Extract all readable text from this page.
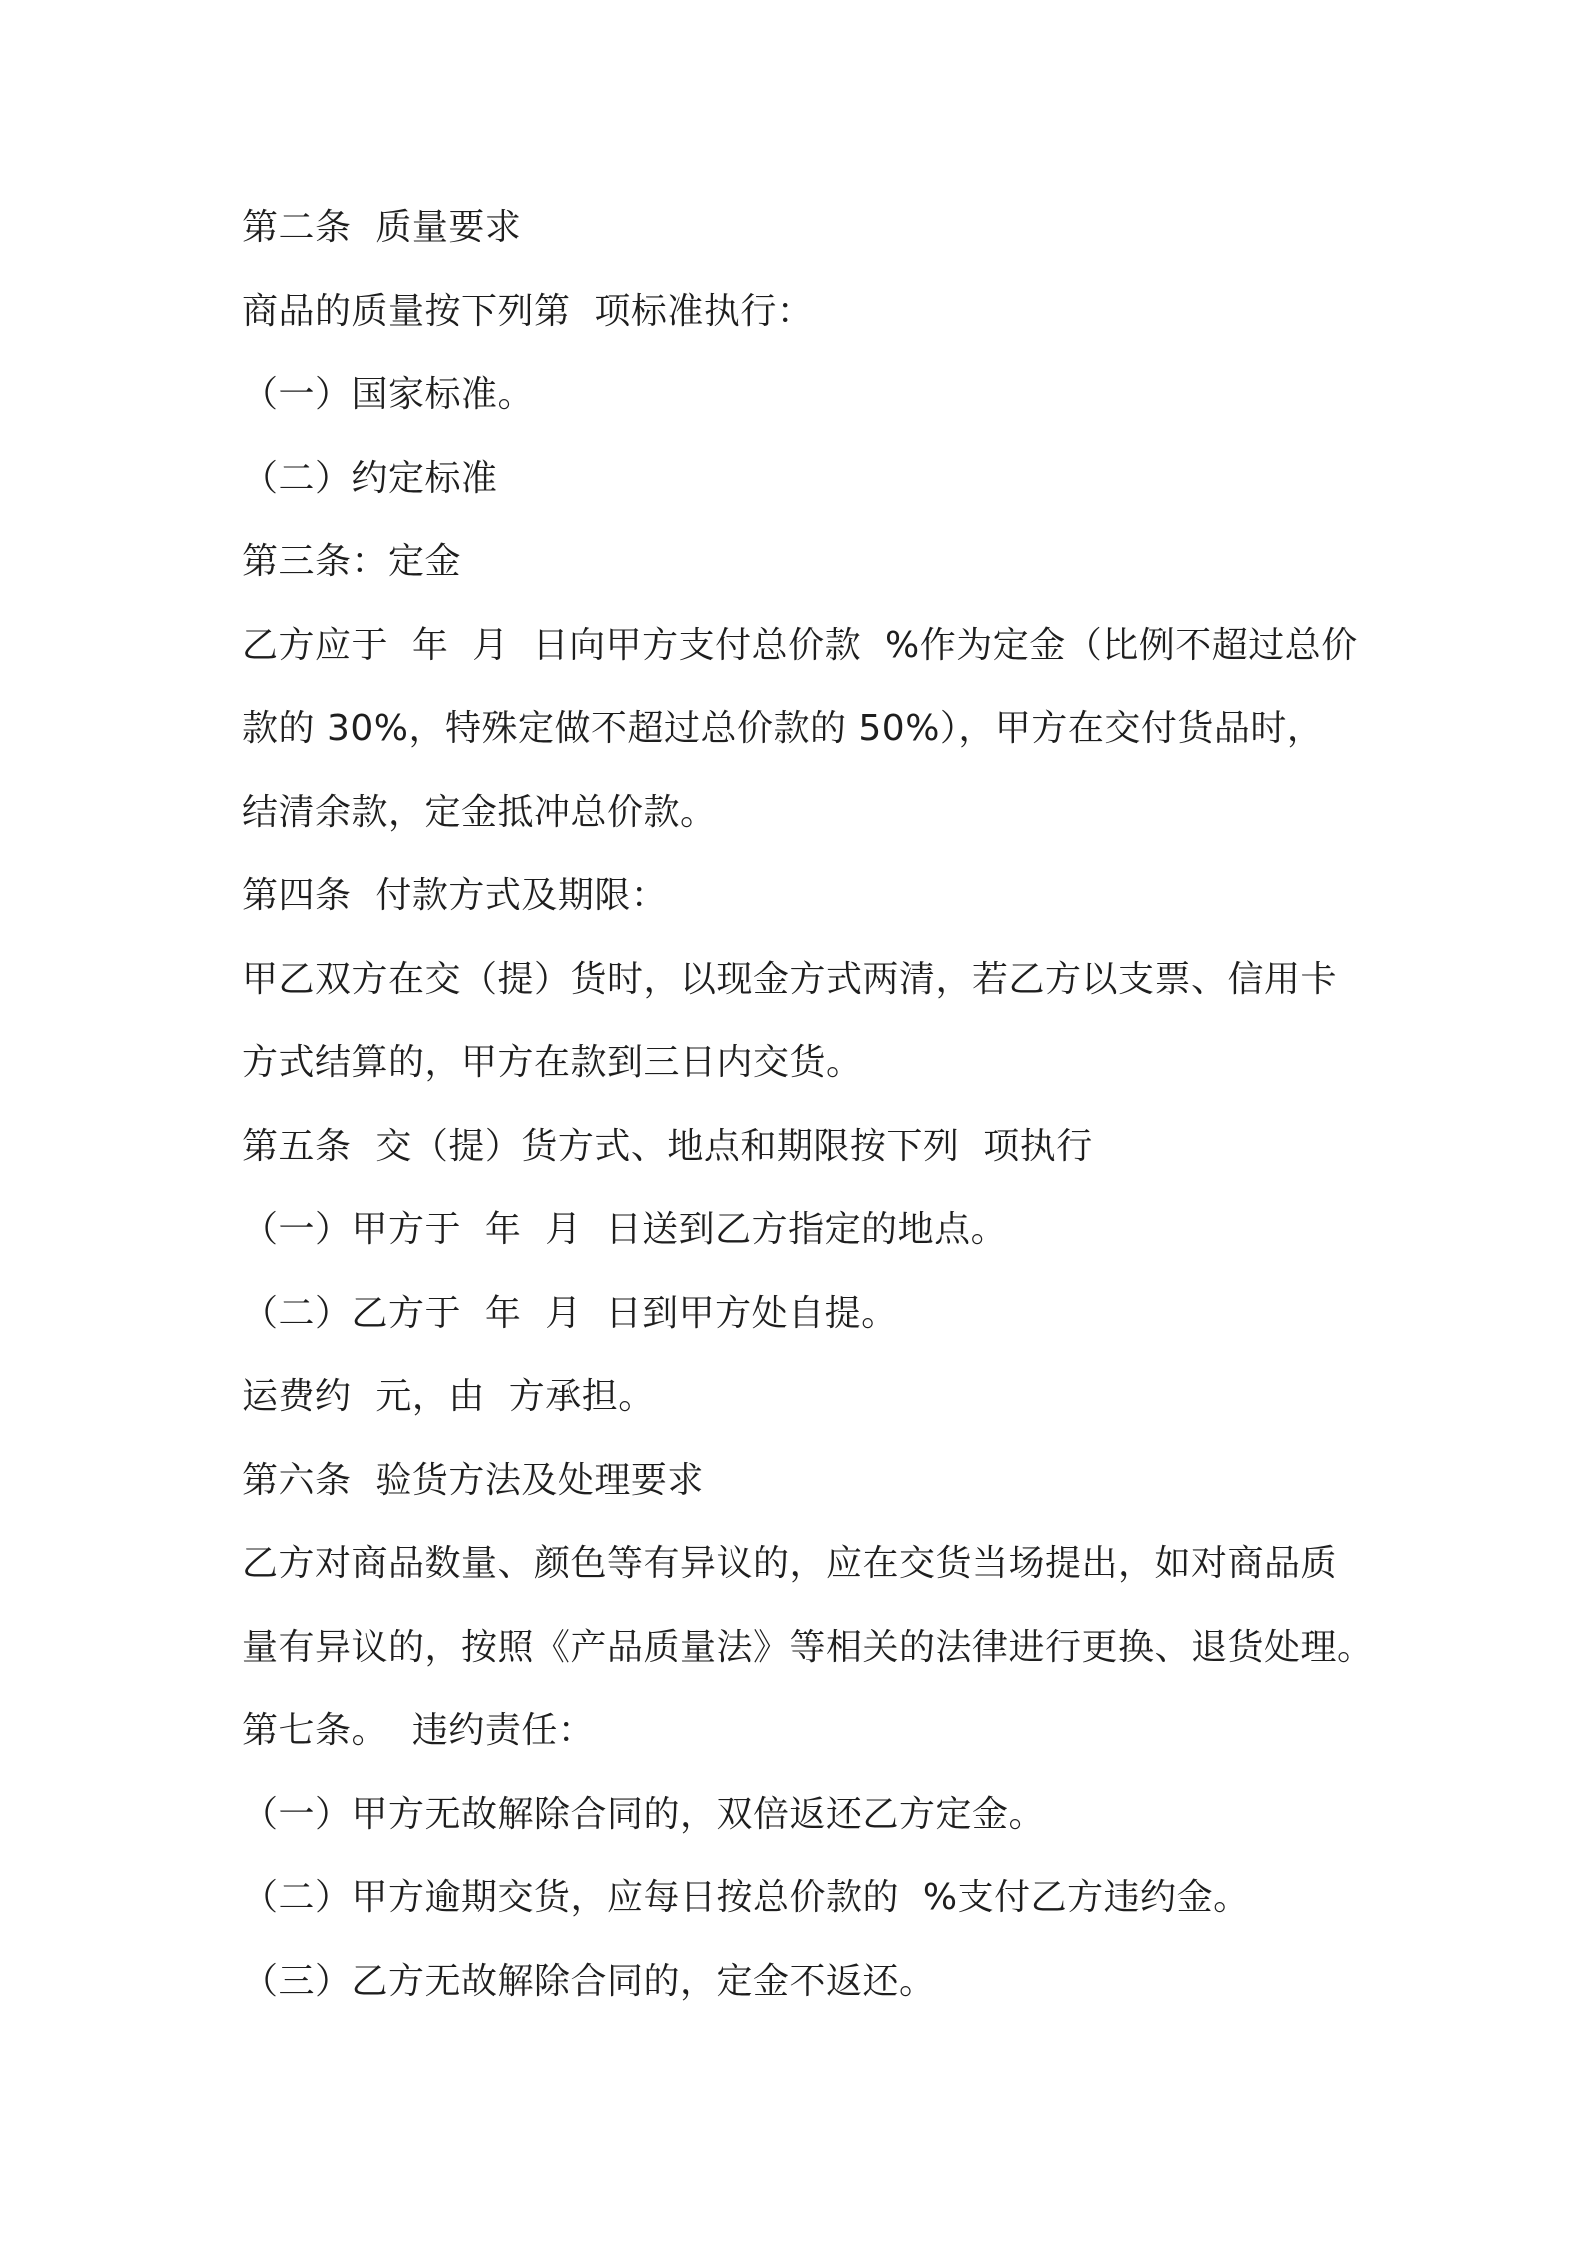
第二条  质量要求
商品的质量按下列第  项标准执行：
（一）国家标准。
（二）约定标准
第三条：定金
乙方应于  年  月  日向甲方支付总价款  %作为定金（比例不超过总价
款的 30%，特殊定做不超过总价款的 50%），甲方在交付货品时，
结清余款，定金抵冲总价款。
第四条  付款方式及期限：
甲乙双方在交（提）货时，以现金方式两清，若乙方以支票、信用卡
方式结算的，甲方在款到三日内交货。
第五条  交（提）货方式、地点和期限按下列  项执行
（一）甲方于  年  月  日送到乙方指定的地点。
（二）乙方于  年  月  日到甲方处自提。
运费约  元，由  方承担。
第六条  验货方法及处理要求
乙方对商品数量、颜色等有异议的，应在交货当场提出，如对商品质
量有异议的，按照《产品质量法》等相关的法律进行更换、退货处理。
第七条。  违约责任：
（一）甲方无故解除合同的，双倍返还乙方定金。
（二）甲方逾期交货，应每日按总价款的  %支付乙方违约金。
（三）乙方无故解除合同的，定金不返还。
